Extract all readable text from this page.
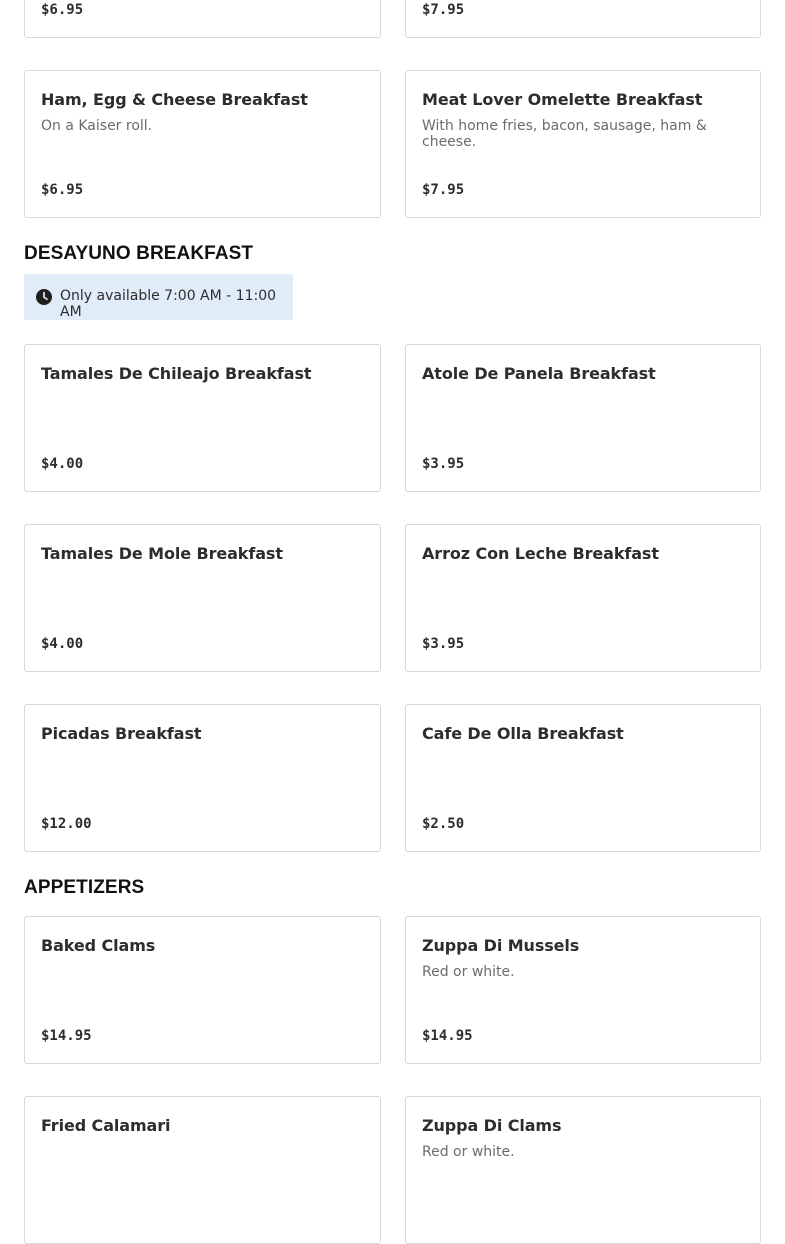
$6.95	$7.95
Ham, Egg & Cheese Breakfast
On a Kaiser roll.
$6.95
Meat Lover Omelette Breakfast
With home fries, bacon, sausage, ham & cheese.
$7.95
DESAYUNO BREAKFAST
Only available 7:00 AM - 11:00 AM
Tamales De Chileajo Breakfast
$4.00
Atole De Panela Breakfast
$3.95
Tamales De Mole Breakfast
$4.00
Arroz Con Leche Breakfast
$3.95
Picadas Breakfast
$12.00
Cafe De Olla Breakfast
$2.50
APPETIZERS
Baked Clams
$14.95
Zuppa Di Mussels
Red or white.
$14.95
Fried Calamari	Zuppa Di Clams
Red or white.
